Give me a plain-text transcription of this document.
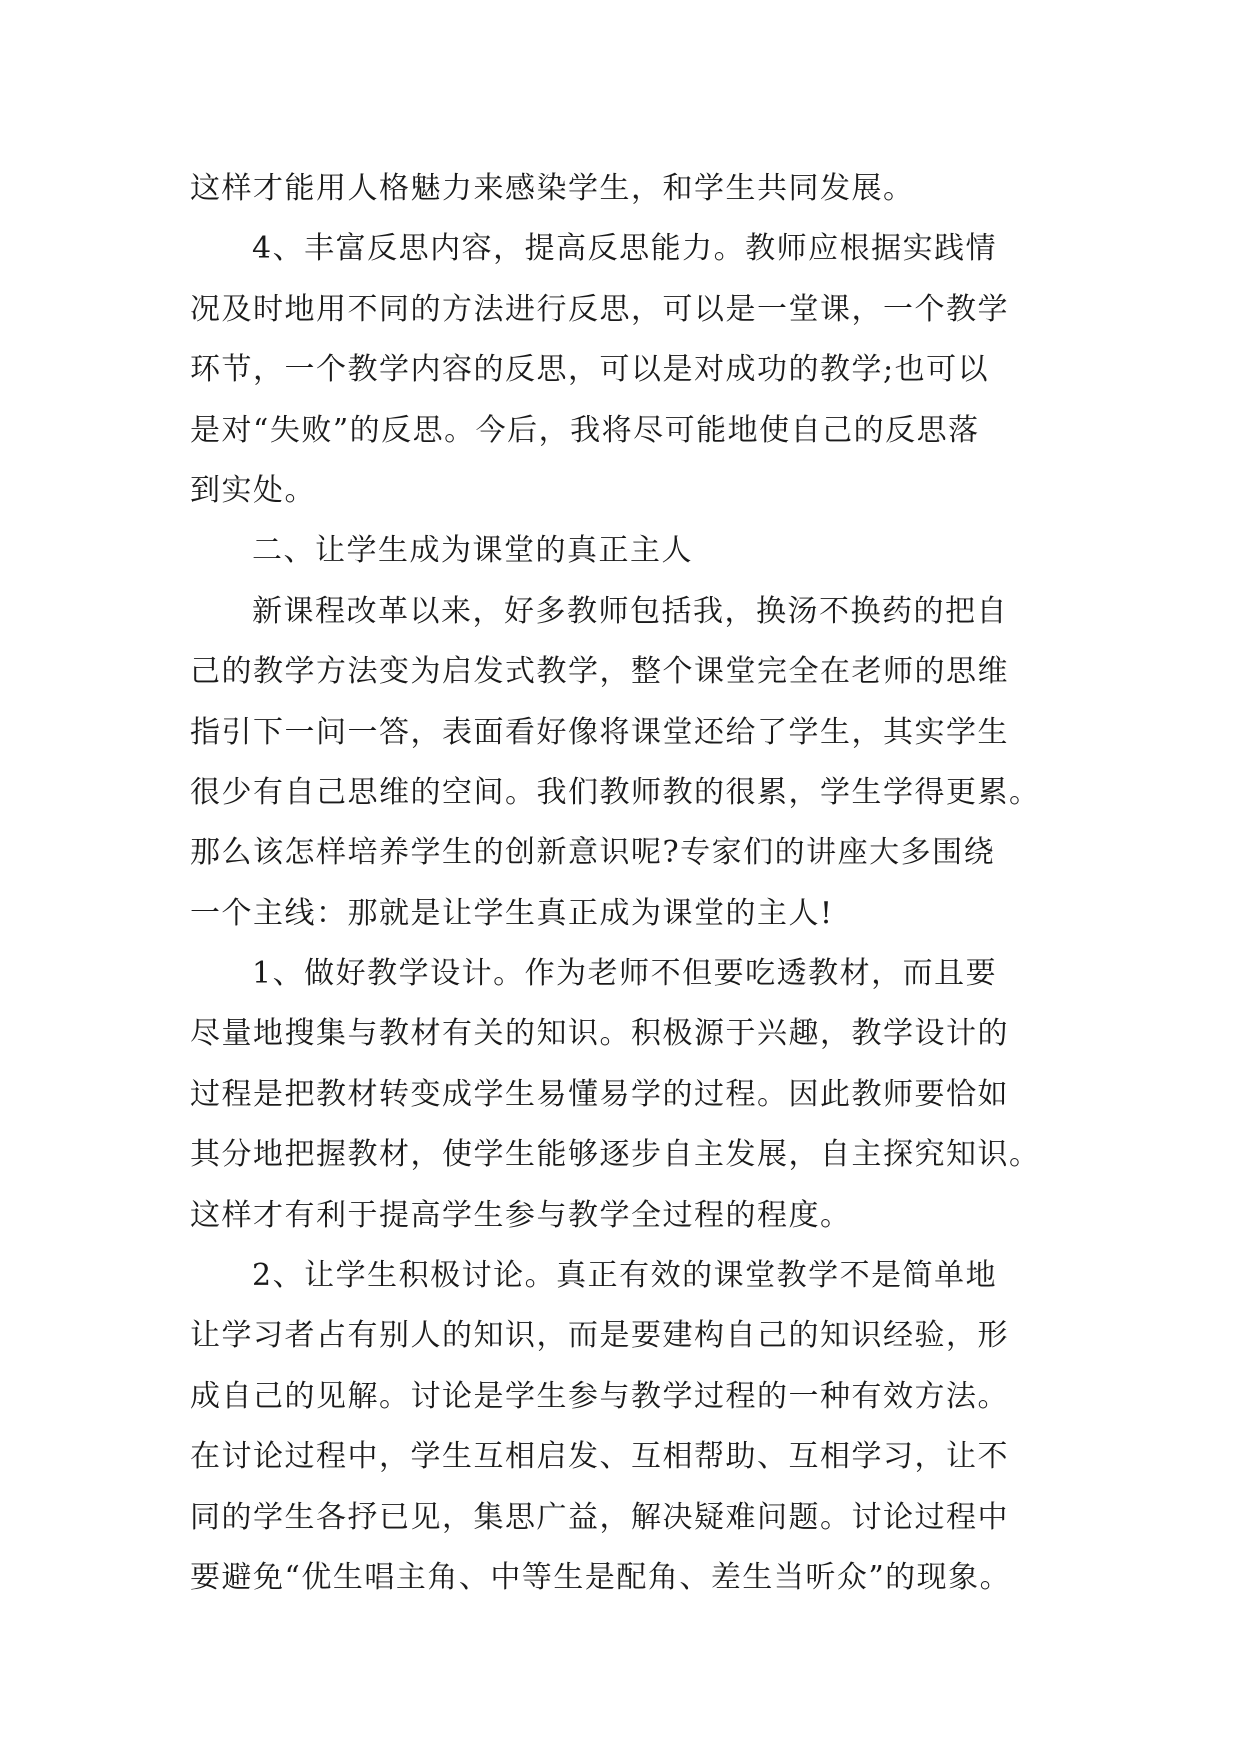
这样才能用人格魅力来感染学生，和学生共同发展。
4、丰富反思内容，提高反思能力。教师应根据实践情
况及时地用不同的方法进行反思，可以是一堂课，一个教学
环节，一个教学内容的反思，可以是对成功的教学;也可以
是对“失败”的反思。今后，我将尽可能地使自己的反思落
到实处。
二、让学生成为课堂的真正主人
新课程改革以来，好多教师包括我，换汤不换药的把自
己的教学方法变为启发式教学，整个课堂完全在老师的思维
指引下一问一答，表面看好像将课堂还给了学生，其实学生
很少有自己思维的空间。我们教师教的很累，学生学得更累。
那么该怎样培养学生的创新意识呢?专家们的讲座大多围绕
一个主线：那就是让学生真正成为课堂的主人!
1、做好教学设计。作为老师不但要吃透教材，而且要
尽量地搜集与教材有关的知识。积极源于兴趣，教学设计的
过程是把教材转变成学生易懂易学的过程。因此教师要恰如
其分地把握教材，使学生能够逐步自主发展，自主探究知识。
这样才有利于提高学生参与教学全过程的程度。
2、让学生积极讨论。真正有效的课堂教学不是简单地
让学习者占有别人的知识，而是要建构自己的知识经验，形
成自己的见解。讨论是学生参与教学过程的一种有效方法。
在讨论过程中，学生互相启发、互相帮助、互相学习，让不
同的学生各抒已见，集思广益，解决疑难问题。讨论过程中
要避免“优生唱主角、中等生是配角、差生当听众”的现象。
